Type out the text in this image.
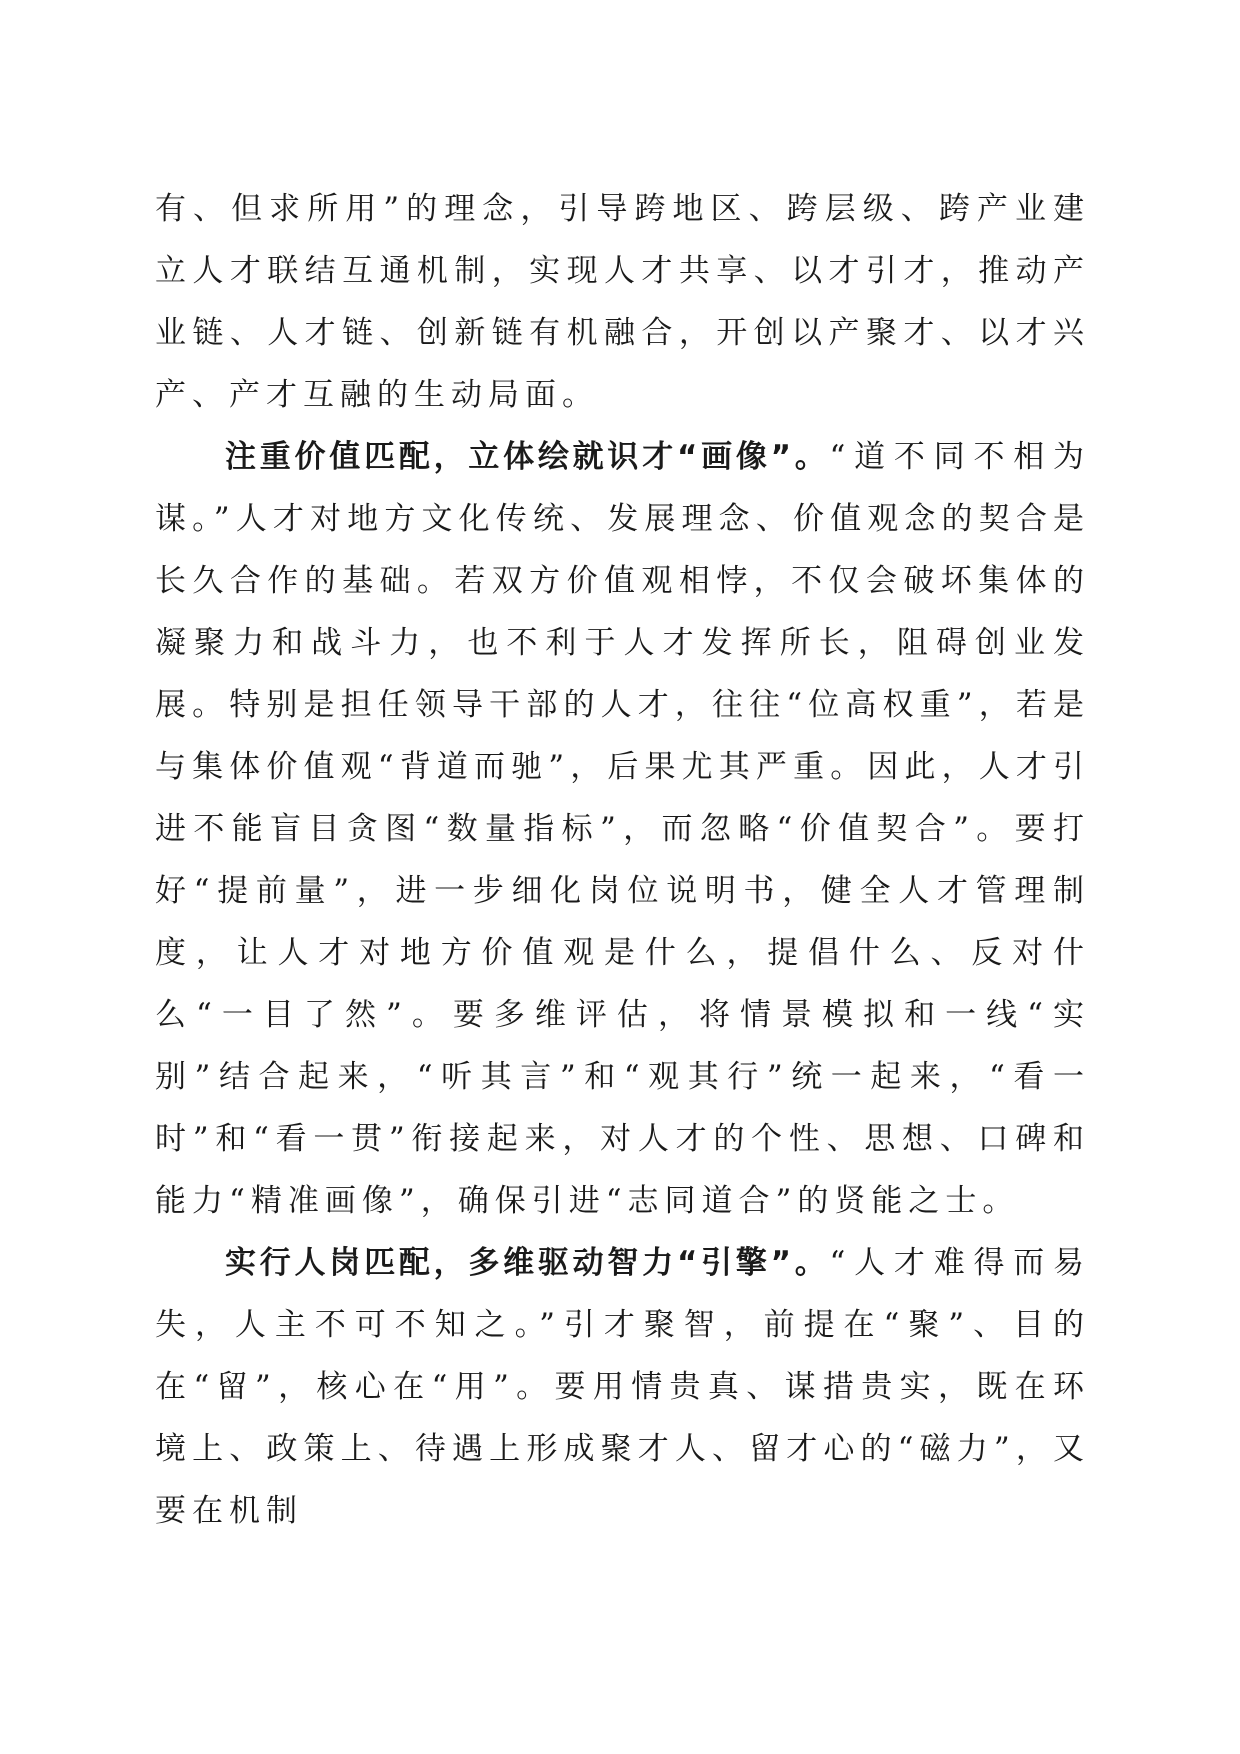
有、但求所用”的理念，引导跨地区、跨层级、跨产业建立人才联结互通机制，实现人才共享、以才引才，推动产业链、人才链、创新链有机融合，开创以产聚才、以才兴产、产才互融的生动局面。

注重价值匹配，立体绘就识才“画像”。“道不同不相为谋。”人才对地方文化传统、发展理念、价值观念的契合是长久合作的基础。若双方价值观相悖，不仅会破坏集体的凝聚力和战斗力，也不利于人才发挥所长，阻碍创业发展。特别是担任领导干部的人才，往往“位高权重”，若是与集体价值观“背道而驰”，后果尤其严重。因此，人才引进不能盲目贪图“数量指标”，而忽略“价值契合”。要打好“提前量”，进一步细化岗位说明书，健全人才管理制度，让人才对地方价值观是什么，提倡什么、反对什么“一目了然”。要多维评估，将情景模拟和一线“实别”结合起来，“听其言”和“观其行”统一起来，“看一时”和“看一贯”衔接起来，对人才的个性、思想、口碑和能力“精准画像”，确保引进“志同道合”的贤能之士。

实行人岗匹配，多维驱动智力“引擎”。“人才难得而易失，人主不可不知之。”引才聚智，前提在“聚”、目的在“留”，核心在“用”。要用情贵真、谋措贵实，既在环境上、政策上、待遇上形成聚才人、留才心的“磁力”，又要在机制
